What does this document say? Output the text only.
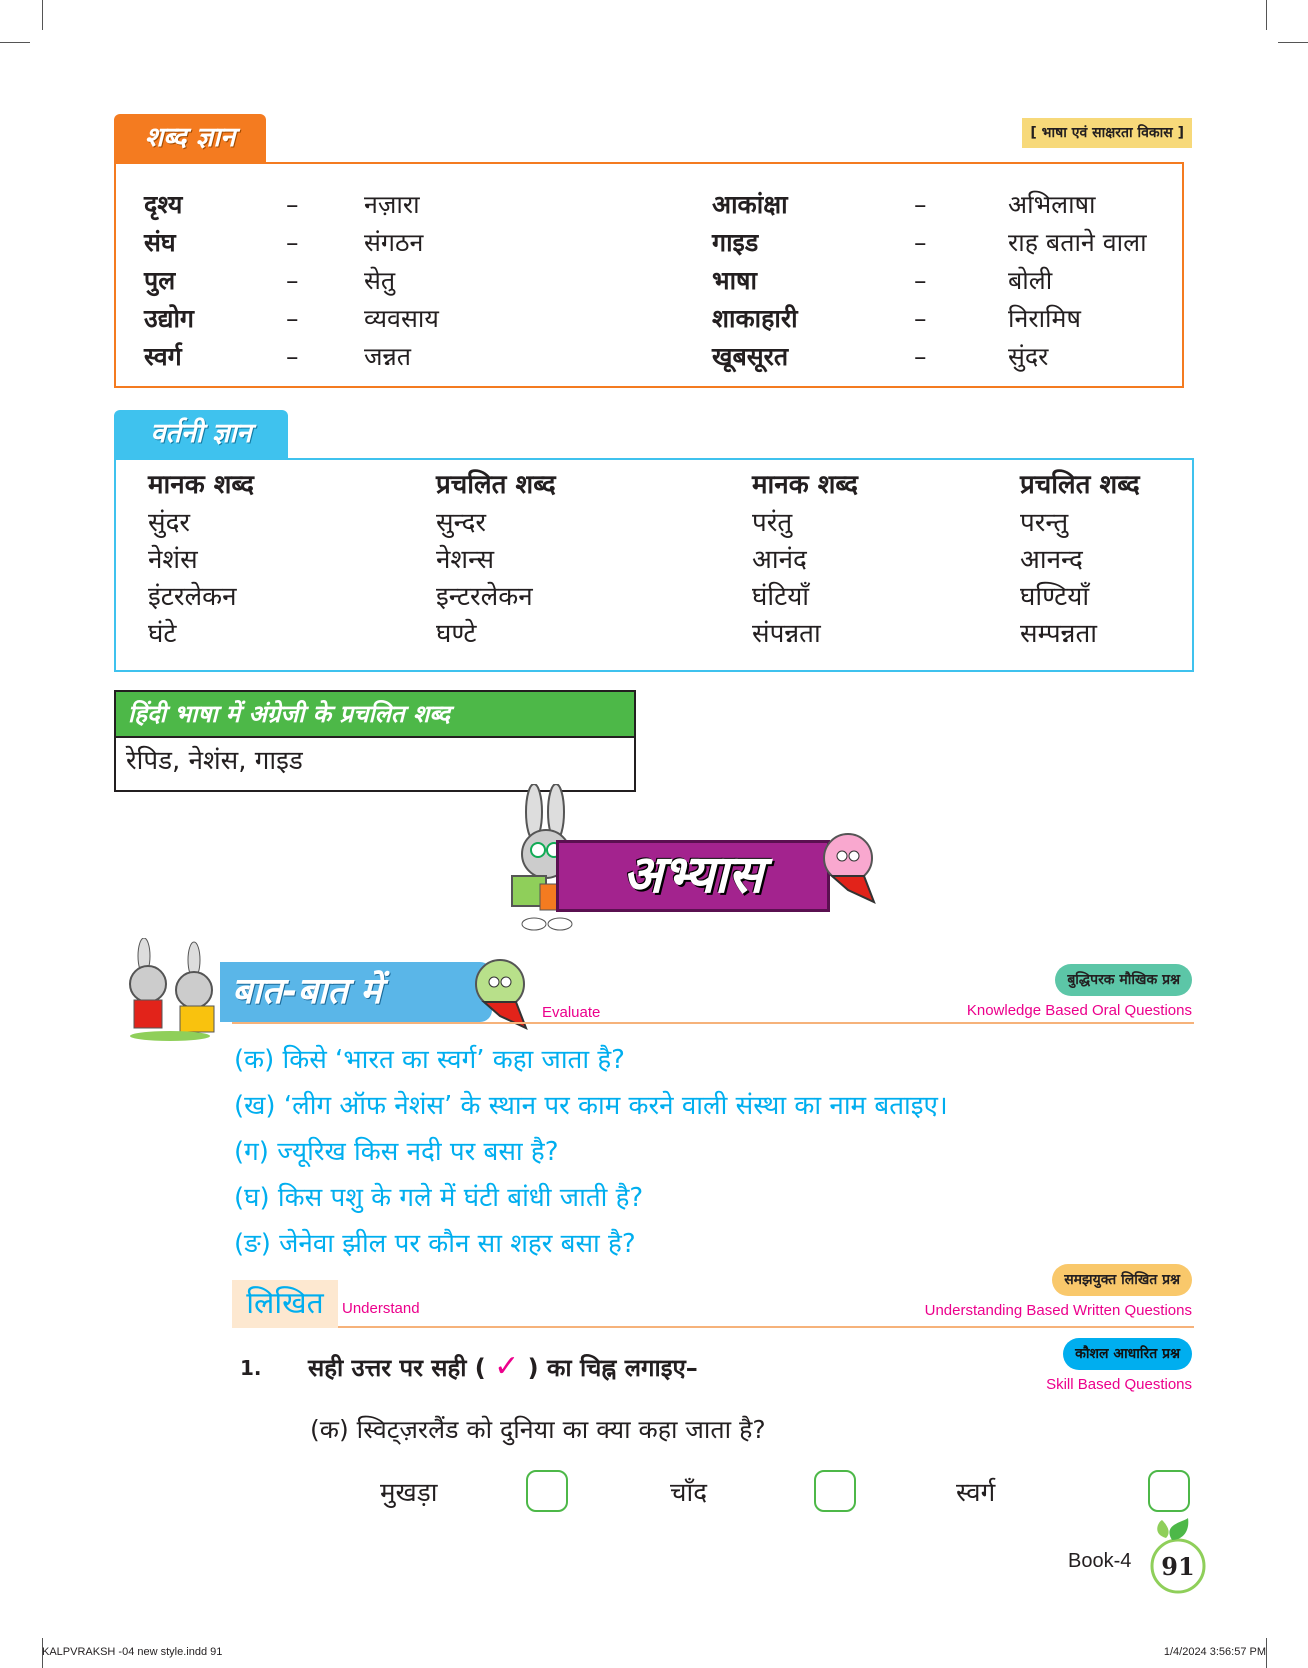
शब्द ज्ञान	[ भाषा एवं साक्षरता विकास ]
दृश्य	–	नज़ारा
संघ	–	संगठन
पुल	–	सेतु
उद्योग	–	व्यवसाय
स्वर्ग	–	जन्नत
आकांक्षा	–	अभिलाषा
गाइड	–	राह बताने वाला
भाषा	–	बोली
शाकाहारी	–	निरामिष
खूबसूरत	–	सुंदर
वर्तनी ज्ञान
मानक शब्द	प्रचलित शब्द	मानक शब्द	प्रचलित शब्द
सुंदर	सुन्दर	परंतु	परन्तु
नेशंस	नेशन्स	आनंद	आनन्द
इंटरलेकन	इन्टरलेकन	घंटियाँ	घण्टियाँ
घंटे	घण्टे	संपन्नता	सम्पन्नता
हिंदी भाषा में अंग्रेजी के प्रचलित शब्द
रेपिड, नेशंस, गाइड
अभ्यास
बात-बात में
Evaluate
बुद्धिपरक मौखिक प्रश्न
Knowledge Based Oral Questions
(क) किसे ‘भारत का स्वर्ग’ कहा जाता है?
(ख) ‘लीग ऑफ नेशंस’ के स्थान पर काम करने वाली संस्था का नाम बताइए।
(ग) ज्यूरिख किस नदी पर बसा है?
(घ) किस पशु के गले में घंटी बांधी जाती है?
(ङ) जेनेवा झील पर कौन सा शहर बसा है?
लिखित	Understand
समझयुक्त लिखित प्रश्न
Understanding Based Written Questions
1. सही उत्तर पर सही ( ✓ ) का चिह्न लगाइए–	कौशल आधारित प्रश्न
Skill Based Questions
(क) स्विट्ज़रलैंड को दुनिया का क्या कहा जाता है?
मुखड़ा	चाँद	स्वर्ग
Book-4 91
KALPVRAKSH -04 new style.indd 91	1/4/2024 3:56:57 PM
